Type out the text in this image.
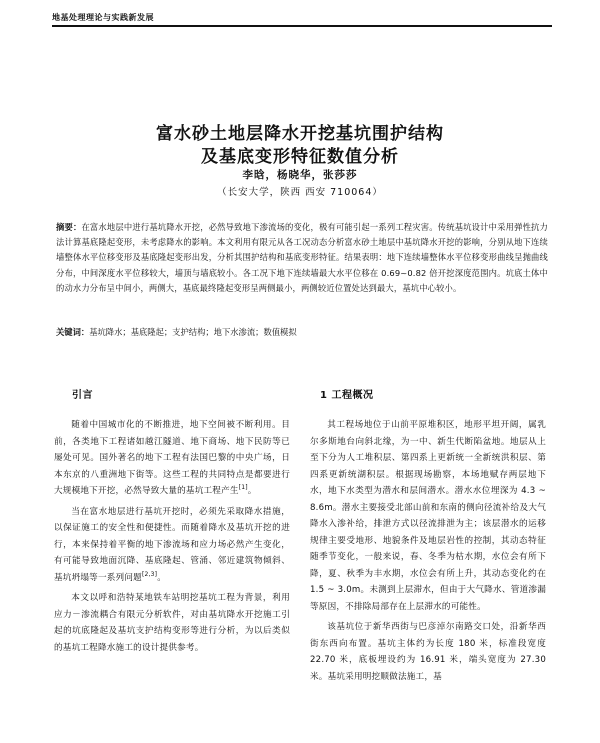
地基处理理论与实践新发展
富水砂土地层降水开挖基坑围护结构
及基底变形特征数值分析
李晗，杨晓华，张莎莎
（长安大学，陕西 西安 710064）

摘要：在富水地层中进行基坑降水开挖，必然导致地下渗流场的变化，极有可能引起一系列工程灾害。传统基坑设计中采用弹性抗力法计算基底隆起变形，未考虑降水的影响。本文利用有限元从各工况动态分析富水砂土地层中基坑降水开挖的影响，分别从地下连续墙整体水平位移变形及基底隆起变形出发，分析其围护结构和基底变形特征。结果表明：地下连续墙整体水平位移变形曲线呈抛曲线分布，中间深度水平位移较大，墙顶与墙底较小。各工况下地下连续墙最大水平位移在 0.69~0.82 倍开挖深度范围内。坑底土体中的动水力分布呈中间小，两侧大，基底最终隆起变形呈两侧最小，两侧较近位置处达到最大，基坑中心较小。

关键词：基坑降水；基底隆起；支护结构；地下水渗流；数值模拟

引言	1 工程概况

随着中国城市化的不断推进，地下空间被不断利用。目前，各类地下工程诸如越江隧道、地下商场、地下民防等已屡处可见。国外著名的地下工程有法国巴黎的中央广场，日本东京的八重洲地下街等。这些工程的共同特点是都要进行大规模地下开挖，必然导致大量的基坑工程产生[1]。

当在富水地层进行基坑开挖时，必须先采取降水措施，以保证施工的安全性和便捷性。而随着降水及基坑开挖的进行，本来保持着平衡的地下渗流场和应力场必然产生变化，有可能导致地面沉降、基底隆起、管涌、邻近建筑物倾斜、基坑坍塌等一系列问题[2,3]。

本文以呼和浩特某地铁车站明挖基坑工程为背景，利用应力－渗流耦合有限元分析软件，对由基坑降水开挖施工引起的坑底隆起及基坑支护结构变形等进行分析，为以后类似的基坑工程降水施工的设计提供参考。

其工程场地位于山前平原堆积区，地形平坦开阔，属乳尔多斯地台向斜北缘，为一中、新生代断陷盆地。地层从上至下分为人工堆积层、第四系上更新统一全新统洪积层、第四系更新统湖积层。根据现场勘察，本场地赋存两层地下水，地下水类型为潜水和层间潜水。潜水水位埋深为 4.3 ~ 8.6m。潜水主要接受北部山前和东南的侧向径流补给及大气降水入渗补给，排泄方式以径流排泄为主；该层潜水的运移规律主要受地形、地貌条件及地层岩性的控制，其动态特征随季节变化，一般来说，春、冬季为枯水期，水位会有所下降，夏、秋季为丰水期，水位会有所上升，其动态变化约在 1.5 ~ 3.0m。未测到上层滞水，但由于大气降水、管道渗漏等原因，不排除局部存在上层滞水的可能性。

该基坑位于新华西街与巴彦淖尔南路交口处，沿新华西街东西向布置。基坑主体约为长度 180 米，标准段宽度 22.70 米，底板埋设约为 16.91 米，端头宽度为 27.30 米。基坑采用明挖顺做法施工，基
